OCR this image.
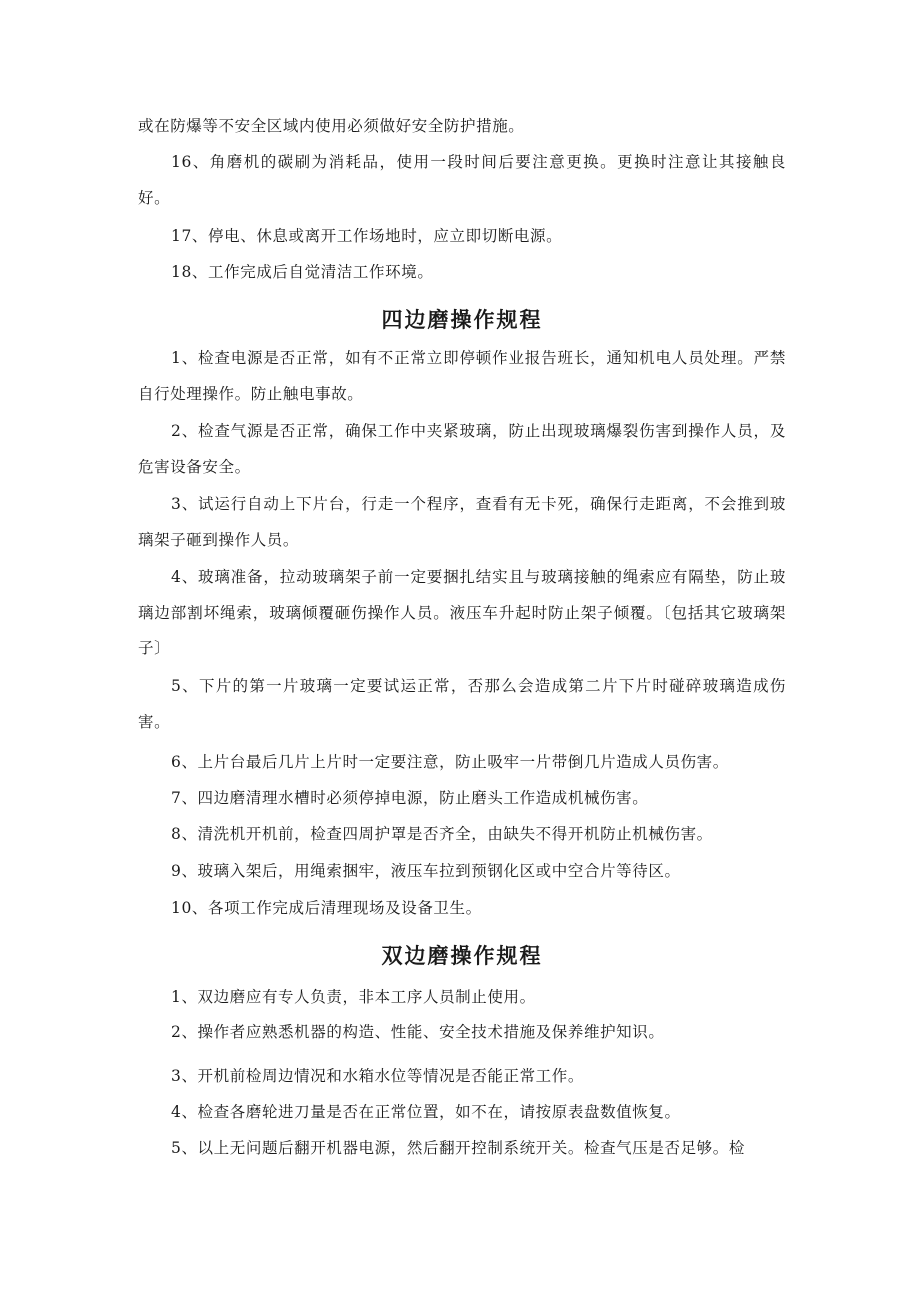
或在防爆等不安全区域内使用必须做好安全防护措施。

16、角磨机的碳刷为消耗品，使用一段时间后要注意更换。更换时注意让其接触良好。

17、停电、休息或离开工作场地时，应立即切断电源。

18、工作完成后自觉清洁工作环境。

四边磨操作规程

1、检查电源是否正常，如有不正常立即停顿作业报告班长，通知机电人员处理。严禁自行处理操作。防止触电事故。

2、检查气源是否正常，确保工作中夹紧玻璃，防止出现玻璃爆裂伤害到操作人员，及危害设备安全。

3、试运行自动上下片台，行走一个程序，查看有无卡死，确保行走距离，不会推到玻璃架子砸到操作人员。

4、玻璃准备，拉动玻璃架子前一定要捆扎结实且与玻璃接触的绳索应有隔垫，防止玻璃边部割坏绳索，玻璃倾覆砸伤操作人员。液压车升起时防止架子倾覆。〔包括其它玻璃架子〕

5、下片的第一片玻璃一定要试运正常，否那么会造成第二片下片时碰碎玻璃造成伤害。

6、上片台最后几片上片时一定要注意，防止吸牢一片带倒几片造成人员伤害。

7、四边磨清理水槽时必须停掉电源，防止磨头工作造成机械伤害。

8、清洗机开机前，检查四周护罩是否齐全，由缺失不得开机防止机械伤害。

9、玻璃入架后，用绳索捆牢，液压车拉到预钢化区或中空合片等待区。

10、各项工作完成后清理现场及设备卫生。

双边磨操作规程

1、双边磨应有专人负责，非本工序人员制止使用。

2、操作者应熟悉机器的构造、性能、安全技术措施及保养维护知识。

3、开机前检周边情况和水箱水位等情况是否能正常工作。

4、检查各磨轮进刀量是否在正常位置，如不在，请按原表盘数值恢复。

5、以上无问题后翻开机器电源，然后翻开控制系统开关。检查气压是否足够。检
